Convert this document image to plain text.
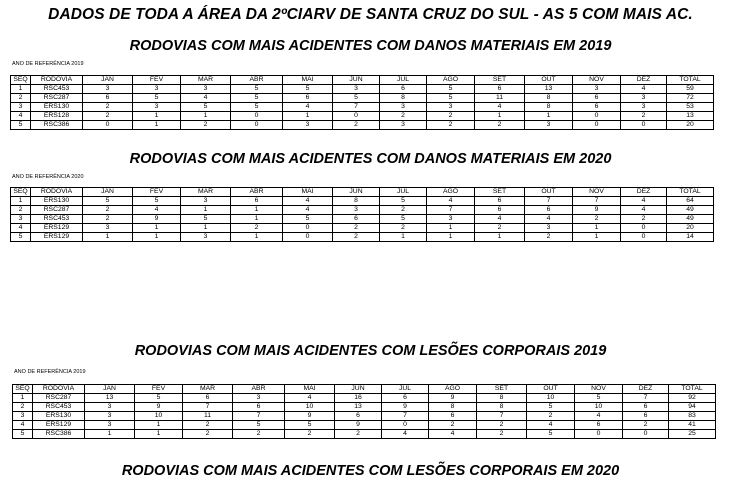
DADOS DE TODA A ÁREA DA 2ºCIARV DE SANTA CRUZ DO SUL - AS 5 COM MAIS AC.
RODOVIAS COM MAIS ACIDENTES COM DANOS MATERIAIS EM 2019
ANO DE REFERÊNCIA 2019
SEQ	RODOVIA	JAN	FEV	MAR	ABR	MAI	JUN	JUL	AGO	SET	OUT	NOV	DEZ	TOTAL
1	RSC453	3	3	3	5	5	3	6	5	6	13	3	4	59
2	RSC287	6	5	4	5	6	5	8	5	11	8	6	3	72
3	ERS130	2	3	5	5	4	7	3	3	4	8	6	3	53
4	ERS128	2	1	1	0	1	0	2	2	1	1	0	2	13
5	RSC386	0	1	2	0	3	2	3	2	2	3	0	0	20
RODOVIAS COM MAIS ACIDENTES COM DANOS MATERIAIS EM 2020
ANO DE REFERÊNCIA 2020
SEQ	RODOVIA	JAN	FEV	MAR	ABR	MAI	JUN	JUL	AGO	SET	OUT	NOV	DEZ	TOTAL
1	ERS130	5	5	3	6	4	8	5	4	6	7	7	4	64
2	RSC287	2	4	1	1	4	3	2	7	6	6	9	4	49
3	RSC453	2	9	5	1	5	6	5	3	4	4	2	2	49
4	ERS129	3	1	1	2	0	2	2	1	2	3	1	0	20
5	ERS129	1	1	3	1	0	2	1	1	1	2	1	0	14
RODOVIAS COM MAIS ACIDENTES COM LESÕES CORPORAIS 2019
ANO DE REFERÊNCIA 2019
SEQ	RODOVIA	JAN	FEV	MAR	ABR	MAI	JUN	JUL	AGO	SET	OUT	NOV	DEZ	TOTAL
1	RSC287	13	5	6	3	4	16	6	9	8	10	5	7	92
2	RSC453	3	9	7	6	10	13	9	8	8	5	10	6	94
3	ERS130	3	10	11	7	9	6	7	6	7	2	4	6	83
4	ERS129	3	1	2	5	5	9	0	2	2	4	6	2	41
5	RSC386	1	1	2	2	2	2	4	4	2	5	0	0	25
RODOVIAS COM MAIS ACIDENTES COM LESÕES CORPORAIS EM 2020
